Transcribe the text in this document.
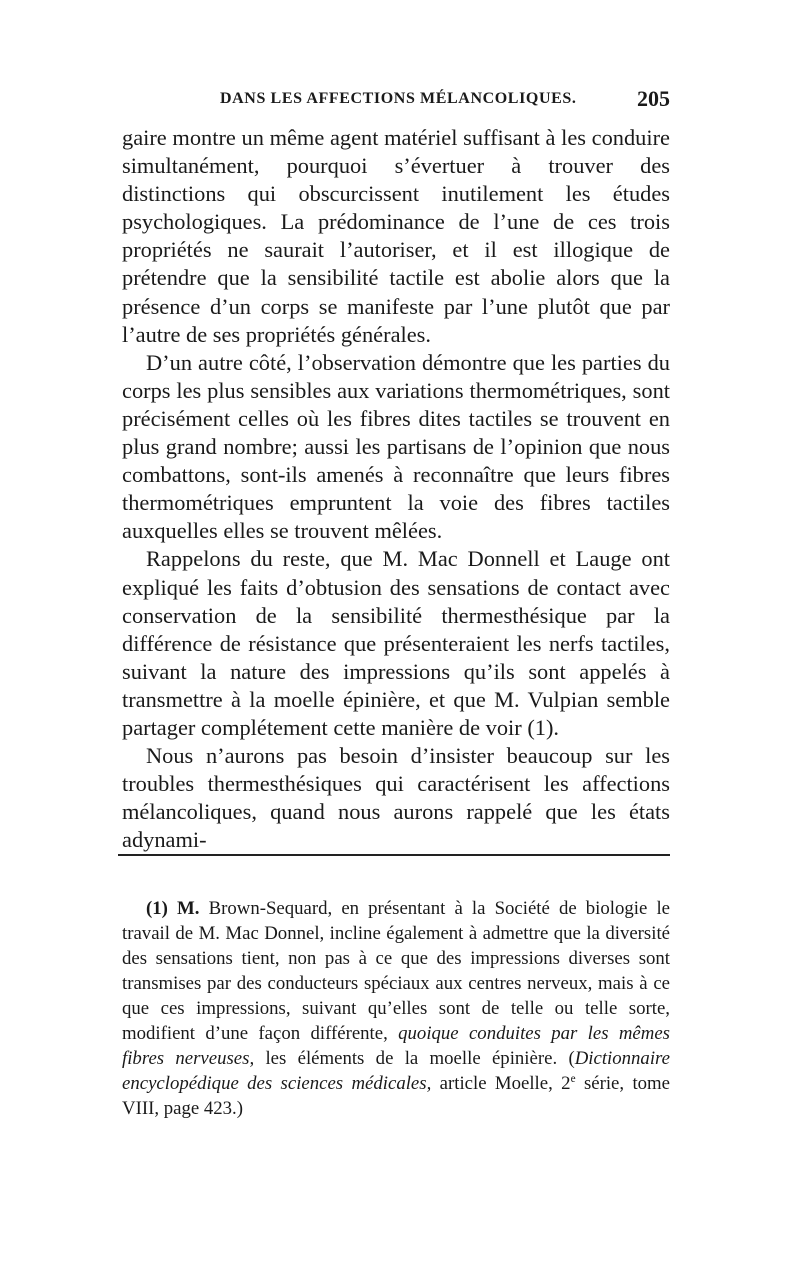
DANS LES AFFECTIONS MÉLANCOLIQUES.	205

gaire montre un même agent matériel suffisant à les conduire simultanément, pourquoi s’évertuer à trouver des distinctions qui obscurcissent inutilement les études psychologiques. La prédominance de l’une de ces trois propriétés ne saurait l’autoriser, et il est illogique de prétendre que la sensibilité tactile est abolie alors que la présence d’un corps se manifeste par l’une plutôt que par l’autre de ses propriétés générales.

D’un autre côté, l’observation démontre que les parties du corps les plus sensibles aux variations thermométriques, sont précisément celles où les fibres dites tactiles se trouvent en plus grand nombre; aussi les partisans de l’opinion que nous combattons, sont-ils amenés à reconnaître que leurs fibres thermométriques empruntent la voie des fibres tactiles auxquelles elles se trouvent mêlées.

Rappelons du reste, que M. Mac Donnell et Lauge ont expliqué les faits d’obtusion des sensations de contact avec conservation de la sensibilité thermesthésique par la différence de résistance que présenteraient les nerfs tactiles, suivant la nature des impressions qu’ils sont appelés à transmettre à la moelle épinière, et que M. Vulpian semble partager complétement cette manière de voir (1).

Nous n’aurons pas besoin d’insister beaucoup sur les troubles thermesthésiques qui caractérisent les affections mélancoliques, quand nous aurons rappelé que les états adynami-

(1) M. Brown-Sequard, en présentant à la Société de biologie le travail de M. Mac Donnel, incline également à admettre que la diversité des sensations tient, non pas à ce que des impressions diverses sont transmises par des conducteurs spéciaux aux centres nerveux, mais à ce que ces impressions, suivant qu’elles sont de telle ou telle sorte, modifient d’une façon différente, quoique conduites par les mêmes fibres nerveuses, les éléments de la moelle épinière. (Dictionnaire encyclopédique des sciences médicales, article Moelle, 2e série, tome VIII, page 423.)
